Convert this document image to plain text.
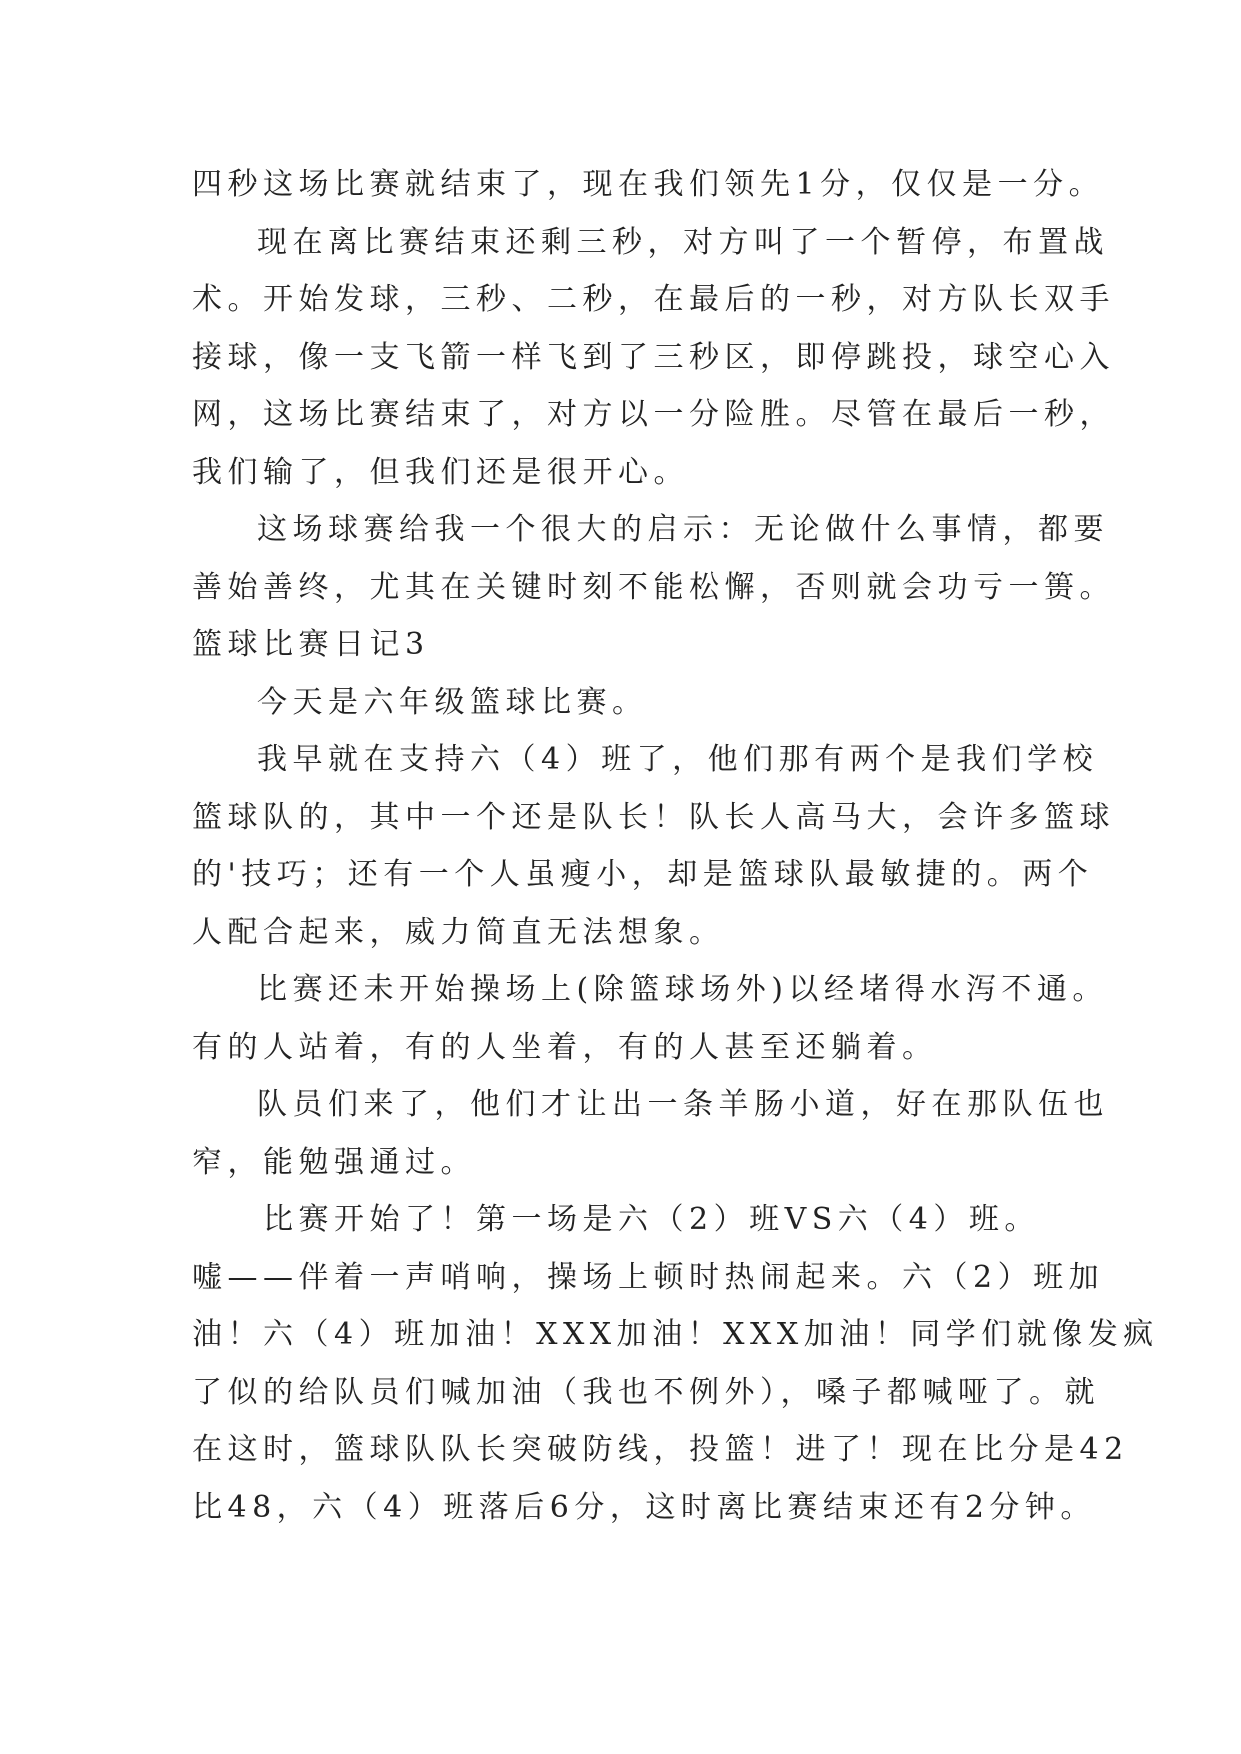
四秒这场比赛就结束了，现在我们领先1分，仅仅是一分。
现在离比赛结束还剩三秒，对方叫了一个暂停，布置战
术。开始发球，三秒、二秒，在最后的一秒，对方队长双手
接球，像一支飞箭一样飞到了三秒区，即停跳投，球空心入
网，这场比赛结束了，对方以一分险胜。尽管在最后一秒，
我们输了，但我们还是很开心。
这场球赛给我一个很大的启示：无论做什么事情，都要
善始善终，尤其在关键时刻不能松懈，否则就会功亏一篑。
篮球比赛日记3
今天是六年级篮球比赛。
我早就在支持六（4）班了，他们那有两个是我们学校
篮球队的，其中一个还是队长！队长人高马大，会许多篮球
的'技巧；还有一个人虽瘦小，却是篮球队最敏捷的。两个
人配合起来，威力简直无法想象。
比赛还未开始操场上(除篮球场外)以经堵得水泻不通。
有的人站着，有的人坐着，有的人甚至还躺着。
队员们来了，他们才让出一条羊肠小道，好在那队伍也
窄，能勉强通过。
比赛开始了！第一场是六（2）班VS六（4）班。
嘘——伴着一声哨响，操场上顿时热闹起来。六（2）班加
油！六（4）班加油！XXX加油！XXX加油！同学们就像发疯
了似的给队员们喊加油（我也不例外），嗓子都喊哑了。就
在这时，篮球队队长突破防线，投篮！进了！现在比分是42
比48，六（4）班落后6分，这时离比赛结束还有2分钟。
